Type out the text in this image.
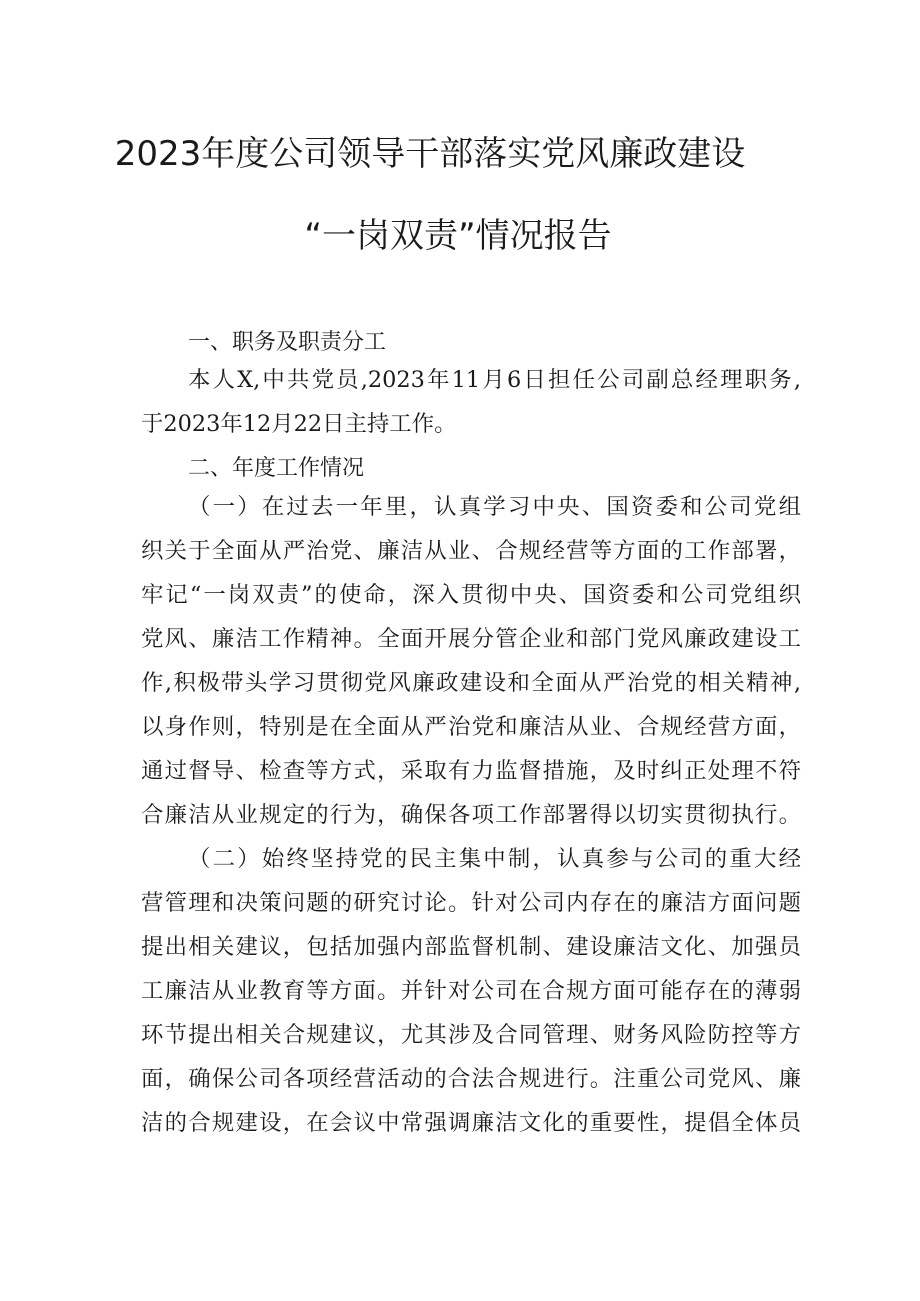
2023年度公司领导干部落实党风廉政建设
“一岗双责”情况报告
一、职务及职责分工
本人X,中共党员,2023年11月6日担任公司副总经理职务,
于2023年12月22日主持工作。
二、年度工作情况
（一）在过去一年里，认真学习中央、国资委和公司党组
织关于全面从严治党、廉洁从业、合规经营等方面的工作部署，
牢记“一岗双责”的使命，深入贯彻中央、国资委和公司党组织
党风、廉洁工作精神。全面开展分管企业和部门党风廉政建设工
作,积极带头学习贯彻党风廉政建设和全面从严治党的相关精神,
以身作则，特别是在全面从严治党和廉洁从业、合规经营方面，
通过督导、检查等方式，采取有力监督措施，及时纠正处理不符
合廉洁从业规定的行为，确保各项工作部署得以切实贯彻执行。
（二）始终坚持党的民主集中制，认真参与公司的重大经
营管理和决策问题的研究讨论。针对公司内存在的廉洁方面问题
提出相关建议，包括加强内部监督机制、建设廉洁文化、加强员
工廉洁从业教育等方面。并针对公司在合规方面可能存在的薄弱
环节提出相关合规建议，尤其涉及合同管理、财务风险防控等方
面，确保公司各项经营活动的合法合规进行。注重公司党风、廉
洁的合规建设，在会议中常强调廉洁文化的重要性，提倡全体员
